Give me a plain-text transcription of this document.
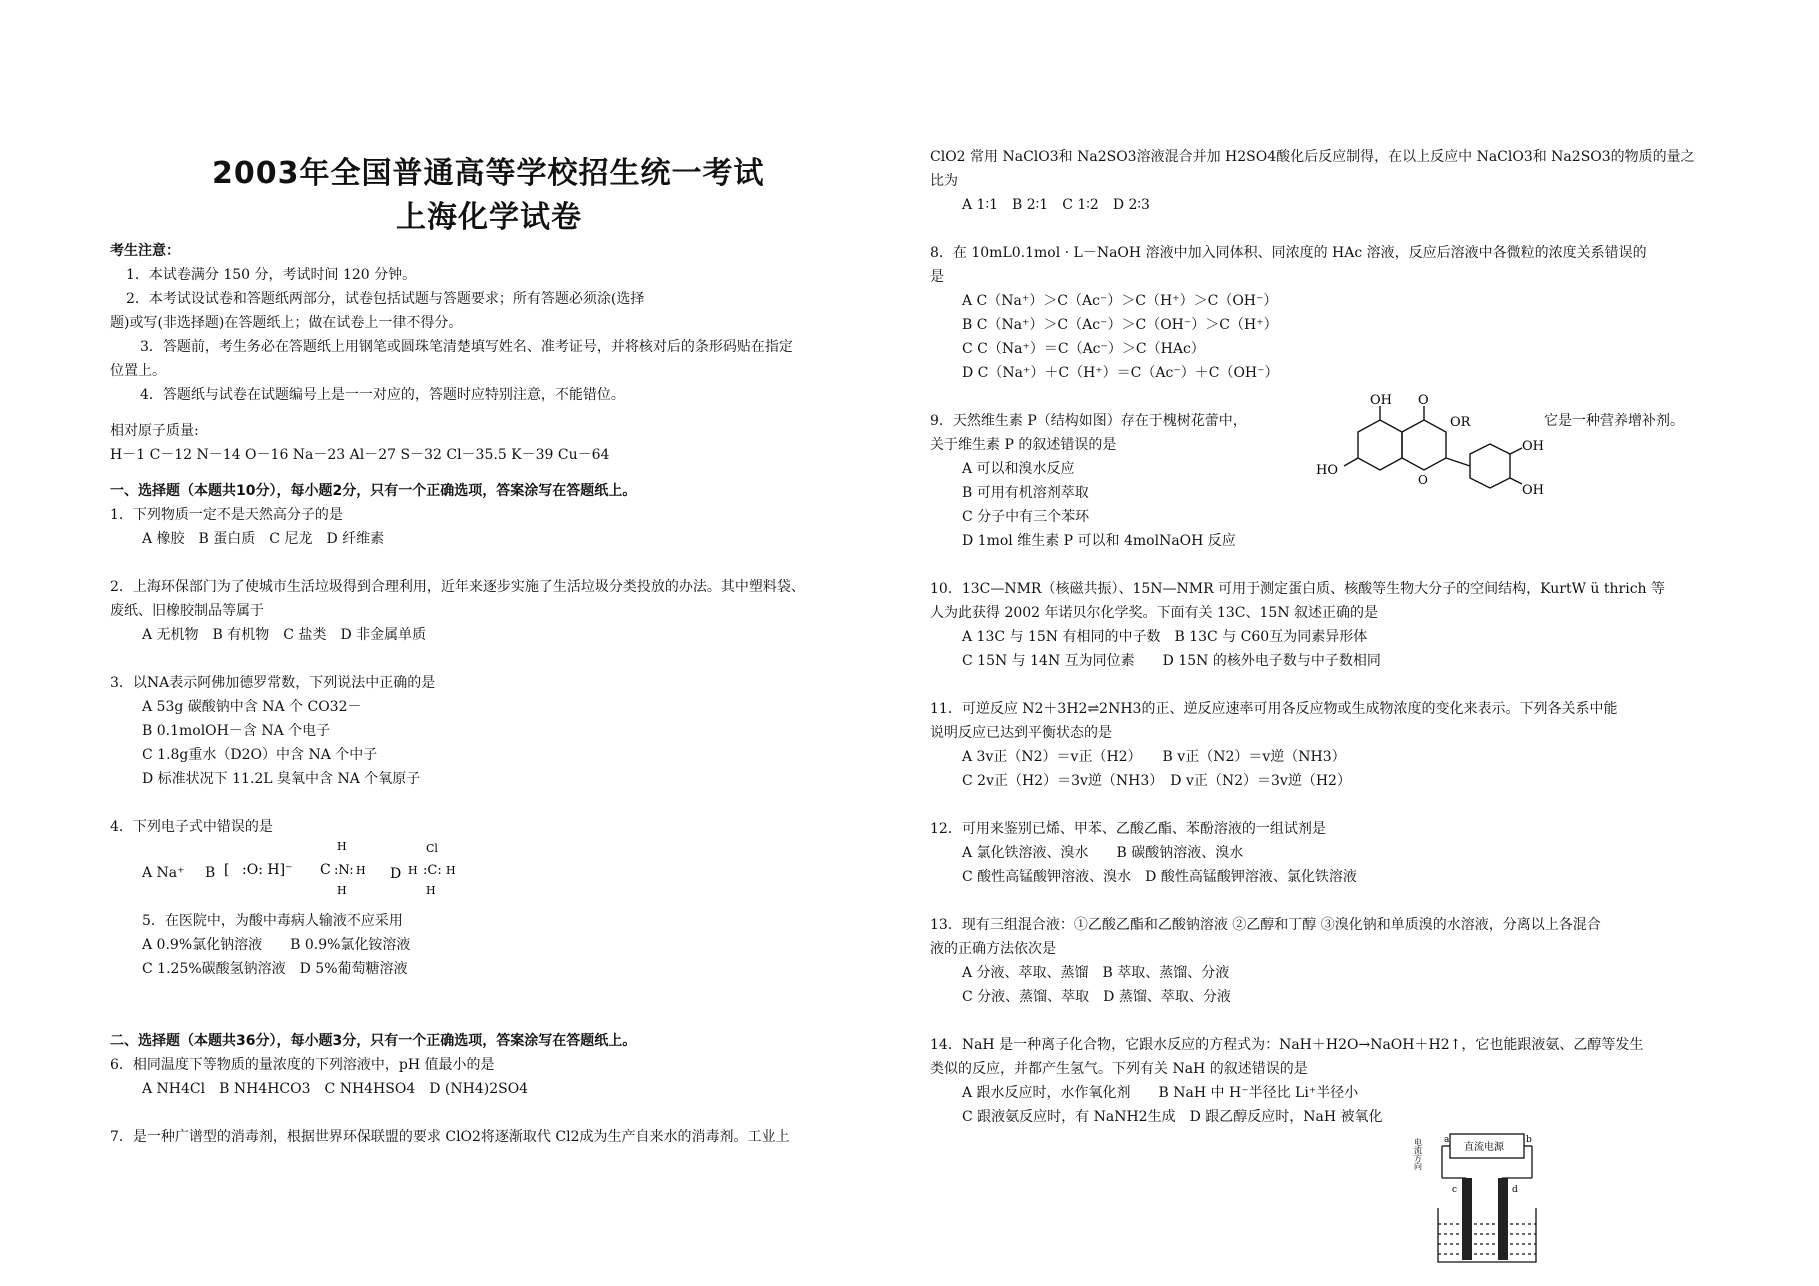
2003年全国普通高等学校招生统一考试
上海化学试卷
考生注意：
1．本试卷满分 150 分，考试时间 120 分钟。
2．本考试设试卷和答题纸两部分，试卷包括试题与答题要求；所有答题必须涂(选择
题)或写(非选择题)在答题纸上；做在试卷上一律不得分。
3．答题前，考生务必在答题纸上用钢笔或圆珠笔清楚填写姓名、准考证号，并将核对后的条形码贴在指定
位置上。
4．答题纸与试卷在试题编号上是一一对应的，答题时应特别注意，不能错位。
相对原子质量:
H－1 C－12 N－14 O－16 Na－23 Al－27 S－32 Cl－35.5 K－39 Cu－64
一、选择题（本题共10分），每小题2分，只有一个正确选项，答案涂写在答题纸上。
1．下列物质一定不是天然高分子的是
A 橡胶　B 蛋白质　C 尼龙　D 纤维素
2．上海环保部门为了使城市生活垃圾得到合理利用，近年来逐步实施了生活垃圾分类投放的办法。其中塑料袋、
废纸、旧橡胶制品等属于
A 无机物　B 有机物　C 盐类　D 非金属单质
3．以NA表示阿佛加德罗常数，下列说法中正确的是
A 53g 碳酸钠中含 NA 个 CO32－
B 0.1molOH－含 NA 个电子
C 1.8g重水（D2O）中含 NA 个中子
D 标准状况下 11.2L 臭氧中含 NA 个氧原子
4．下列电子式中错误的是
A Na⁺ B [ :O: H]⁻ C
H
:N: H
H
D H
Cl
:C: H
H
5．在医院中，为酸中毒病人输液不应采用
A 0.9%氯化钠溶液　　B 0.9%氯化铵溶液
C 1.25%碳酸氢钠溶液　D 5%葡萄糖溶液
二、选择题（本题共36分），每小题3分，只有一个正确选项，答案涂写在答题纸上。
6．相同温度下等物质的量浓度的下列溶液中，pH 值最小的是
A NH4Cl　B NH4HCO3　C NH4HSO4　D (NH4)2SO4
7．是一种广谱型的消毒剂，根据世界环保联盟的要求 ClO2将逐渐取代 Cl2成为生产自来水的消毒剂。工业上
ClO2 常用 NaClO3和 Na2SO3溶液混合并加 H2SO4酸化后反应制得，在以上反应中 NaClO3和 Na2SO3的物质的量之
比为
A 1∶1　B 2∶1　C 1∶2　D 2∶3
8．在 10mL0.1mol · L－NaOH 溶液中加入同体积、同浓度的 HAc 溶液，反应后溶液中各微粒的浓度关系错误的
是
A C（Na⁺）＞C（Ac⁻）＞C（H⁺）＞C（OH⁻）
B C（Na⁺）＞C（Ac⁻）＞C（OH⁻）＞C（H⁺）
C C（Na⁺）＝C（Ac⁻）＞C（HAc）
D C（Na⁺）＋C（H⁺）＝C（Ac⁻）＋C（OH⁻）
9．天然维生素 P（结构如图）存在于槐树花蕾中，	它是一种营养增补剂。
关于维生素 P 的叙述错误的是
A 可以和溴水反应
B 可用有机溶剂萃取
C 分子中有三个苯环
D 1mol 维生素 P 可以和 4molNaOH 反应
OH O
OR
O
HO
OH
OH
10．13C—NMR（核磁共振）、15N—NMR 可用于测定蛋白质、核酸等生物大分子的空间结构，KurtW ü thrich 等
人为此获得 2002 年诺贝尔化学奖。下面有关 13C、15N 叙述正确的是
A 13C 与 15N 有相同的中子数　B 13C 与 C60互为同素异形体
C 15N 与 14N 互为同位素　　D 15N 的核外电子数与中子数相同
11．可逆反应 N2＋3H2⇌2NH3的正、逆反应速率可用各反应物或生成物浓度的变化来表示。下列各关系中能
说明反应已达到平衡状态的是
A 3v正（N2）＝v正（H2）　　B v正（N2）＝v逆（NH3）
C 2v正（H2）＝3v逆（NH3）　D v正（N2）＝3v逆（H2）
12．可用来鉴别已烯、甲苯、乙酸乙酯、苯酚溶液的一组试剂是
A 氯化铁溶液、溴水　　B 碳酸钠溶液、溴水
C 酸性高锰酸钾溶液、溴水　D 酸性高锰酸钾溶液、氯化铁溶液
13．现有三组混合液：①乙酸乙酯和乙酸钠溶液 ②乙醇和丁醇 ③溴化钠和单质溴的水溶液，分离以上各混合
液的正确方法依次是
A 分液、萃取、蒸馏　B 萃取、蒸馏、分液
C 分液、蒸馏、萃取　D 蒸馏、萃取、分液
14．NaH 是一种离子化合物，它跟水反应的方程式为：NaH＋H2O→NaOH＋H2↑，它也能跟液氨、乙醇等发生
类似的反应，并都产生氢气。下列有关 NaH 的叙述错误的是
A 跟水反应时，水作氧化剂　　B NaH 中 H⁻半径比 Li⁺半径小
C 跟液氨反应时，有 NaNH2生成　D 跟乙醇反应时，NaH 被氧化
直流电源
a	b
c	d
电流方向
